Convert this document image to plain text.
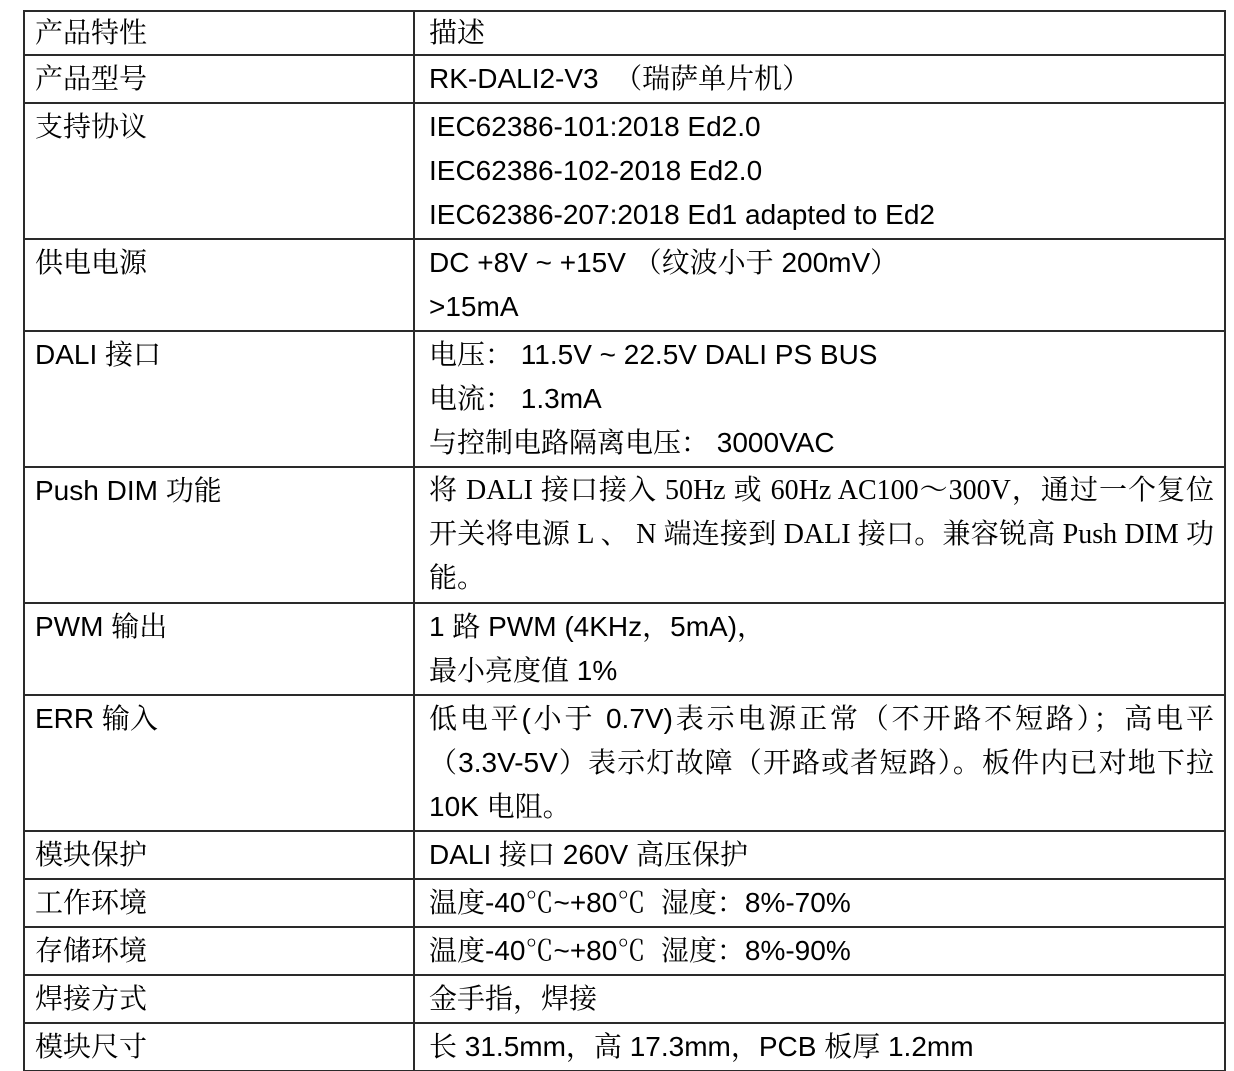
产品特性	描述
产品型号	RK-DALI2-V3  （瑞萨单片机）

支持协议	IEC62386-101:2018 Ed2.0
IEC62386-102-2018 Ed2.0
IEC62386-207:2018 Ed1 adapted to Ed2

供电电源	DC +8V ~ +15V （纹波小于 200mV）
>15mA

DALI 接口	电压： 11.5V ~ 22.5V DALI PS BUS
电流： 1.3mA
与控制电路隔离电压： 3000VAC

Push DIM 功能	将 DALI 接口接入 50Hz 或 60Hz AC100～300V，通过一个复位开关将电源 L 、 N 端连接到 DALI 接口。兼容锐高 Push DIM 功能。

PWM 输出	1 路 PWM (4KHz，5mA)，
最小亮度值 1%

ERR 输入	低电平(小于 0.7V)表示电源正常（不开路不短路）；高电平（3.3V-5V）表示灯故障（开路或者短路）。板件内已对地下拉 10K 电阻。

模块保护	DALI 接口 260V 高压保护

工作环境	温度-40℃~+80℃  湿度：8%-70%

存储环境	温度-40℃~+80℃  湿度：8%-90%

焊接方式	金手指，焊接

模块尺寸	长 31.5mm，高 17.3mm，PCB 板厚 1.2mm
